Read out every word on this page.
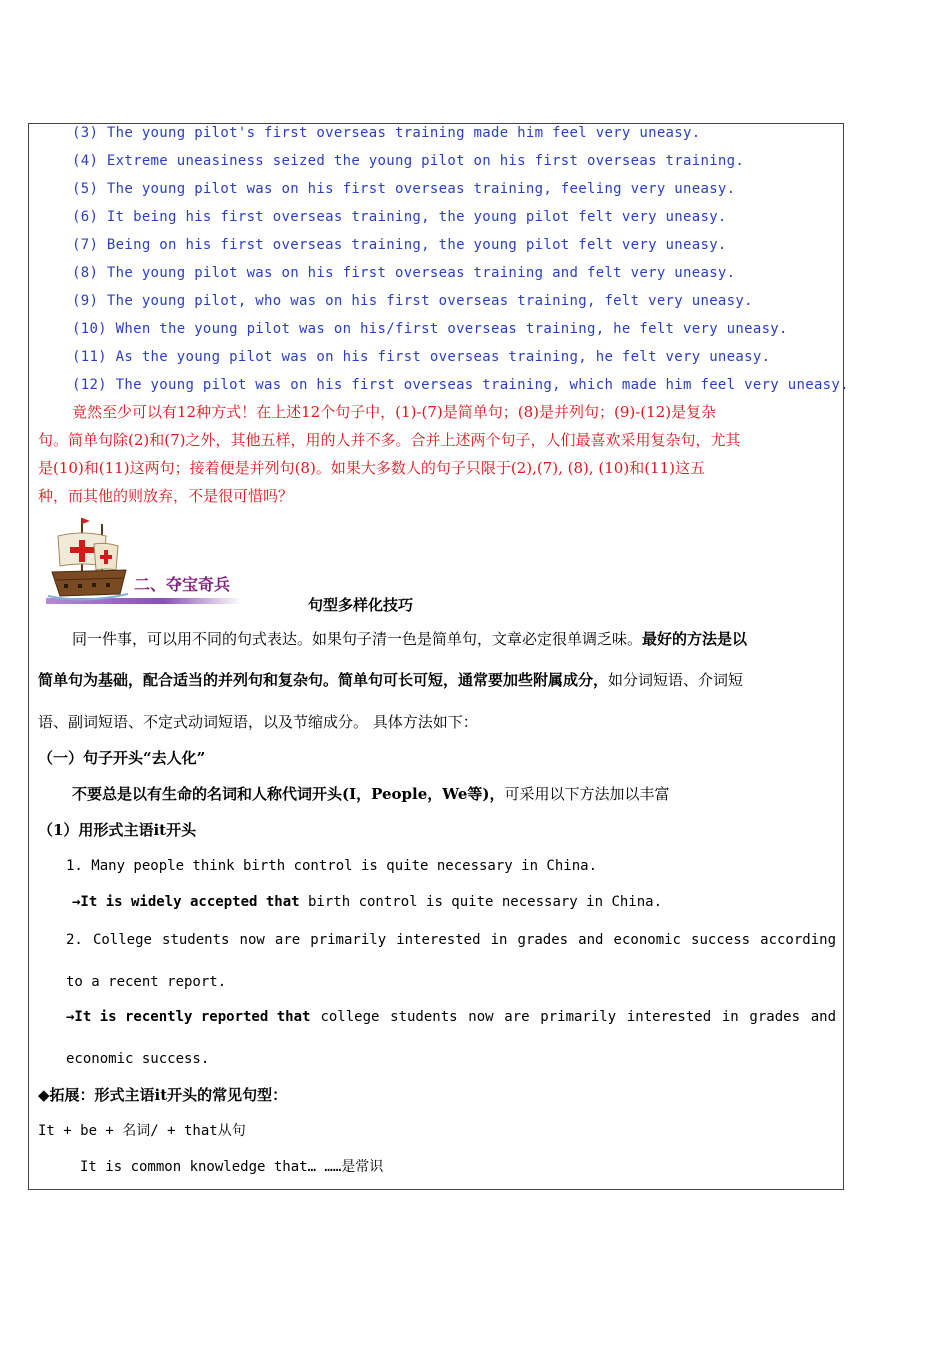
(3) The young pilot's first overseas training made him feel very uneasy.
(4) Extreme uneasiness seized the young pilot on his first overseas training.
(5) The young pilot was on his first overseas training, feeling very uneasy.
(6) It being his first overseas training, the young pilot felt very uneasy.
(7) Being on his first overseas training, the young pilot felt very uneasy.
(8) The young pilot was on his first overseas training and felt very uneasy.
(9) The young pilot, who was on his first overseas training, felt very uneasy.
(10) When the young pilot was on his/first overseas training, he felt very uneasy.
(11) As the young pilot was on his first overseas training, he felt very uneasy.
(12) The young pilot was on his first overseas training, which made him feel very uneasy.
竟然至少可以有12种方式！在上述12个句子中，(1)-(7)是简单句；(8)是并列句；(9)-(12)是复杂
句。简单句除(2)和(7)之外，其他五样，用的人并不多。合并上述两个句子，人们最喜欢采用复杂句，尤其
是(10)和(11)这两句；接着便是并列句(8)。如果大多数人的句子只限于(2),(7), (8), (10)和(11)这五
种，而其他的则放弃，不是很可惜吗？
二、夺宝奇兵
句型多样化技巧
同一件事，可以用不同的句式表达。如果句子清一色是简单句，文章必定很单调乏味。最好的方法是以
简单句为基础，配合适当的并列句和复杂句。简单句可长可短，通常要加些附属成分，如分词短语、介词短
语、副词短语、不定式动词短语，以及节缩成分。 具体方法如下：
（一）句子开头“去人化”
不要总是以有生命的名词和人称代词开头(I，People，We等)，可采用以下方法加以丰富
（1）用形式主语it开头
1. Many people think birth control is quite necessary in China.
→It is widely accepted that birth control is quite necessary in China.
2. College students now are primarily interested in grades and economic success according
to a recent report.
→It is recently reported that college students now are primarily interested in grades and
economic success.
◆拓展：形式主语it开头的常见句型：
It + be + 名词/ + that从句
It is common knowledge that… ……是常识
